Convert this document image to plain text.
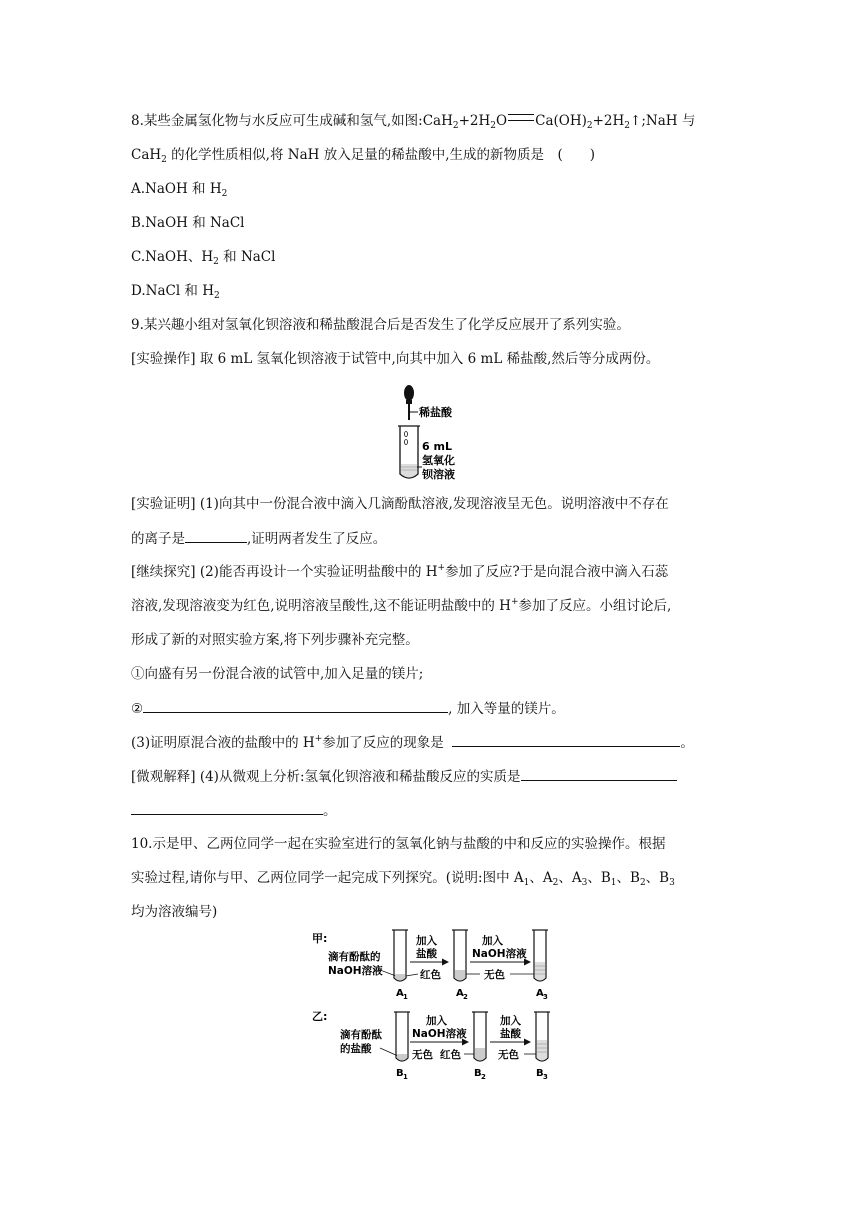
8.某些金属氢化物与水反应可生成碱和氢气,如图$:CaH_2+2H_2O$ $Ca(OH)_2+2H_2↑;NaH$ 与
CaH$_2$ 的化学性质相似,将 NaH 放入足量的稀盐酸中,生成的新物质是　(　　)
A.NaOH 和 $H_2$
B.NaOH 和 NaCl
C.NaOH、$H_2$ 和 NaCl
D.NaCl 和 $H_2$
9.某兴趣小组对氢氧化钡溶液和稀盐酸混合后是否发生了化学反应展开了系列实验。
[实验操作] 取 6 mL 氢氧化钡溶液于试管中,向其中加入 6 mL 稀盐酸,然后等分成两份。
稀盐酸
6 mL
氢氧化
钡溶液
[实验证明] (1)向其中一份混合液中滴入几滴酚酞溶液,发现溶液呈无色。说明溶液中不存在
的离子是	,证明两者发生了反应。
[继续探究] (2)能否再设计一个实验证明盐酸中的 H+参加了反应?于是向混合液中滴入石蕊
溶液,发现溶液变为红色,说明溶液呈酸性,这不能证明盐酸中的 H+参加了反应。小组讨论后,
形成了新的对照实验方案,将下列步骤补充完整。
①向盛有另一份混合液的试管中,加入足量的镁片;
②	, 加入等量的镁片。
(3)证明原混合液的盐酸中的 H+参加了反应的现象是	。
[微观解释] (4)从微观上分析:氢氧化钡溶液和稀盐酸反应的实质是
。
10.示是甲、乙两位同学一起在实验室进行的氢氧化钠与盐酸的中和反应的实验操作。根据
实验过程,请你与甲、乙两位同学一起完成下列探究。(说明:图中 $A_1$、$A_2$、$A_3$、$B_1$、$B_2$、$B_3$
均为溶液编号)
甲:
滴有酚酞的
NaOH溶液
A 1
加入
盐酸
红色
A 2
加入
NaOH溶液
无色
A 3
乙:
滴有酚酞
的盐酸
B 1
加入
NaOH溶液
无色 红色
B 2
加入
盐酸
无色
B 3
